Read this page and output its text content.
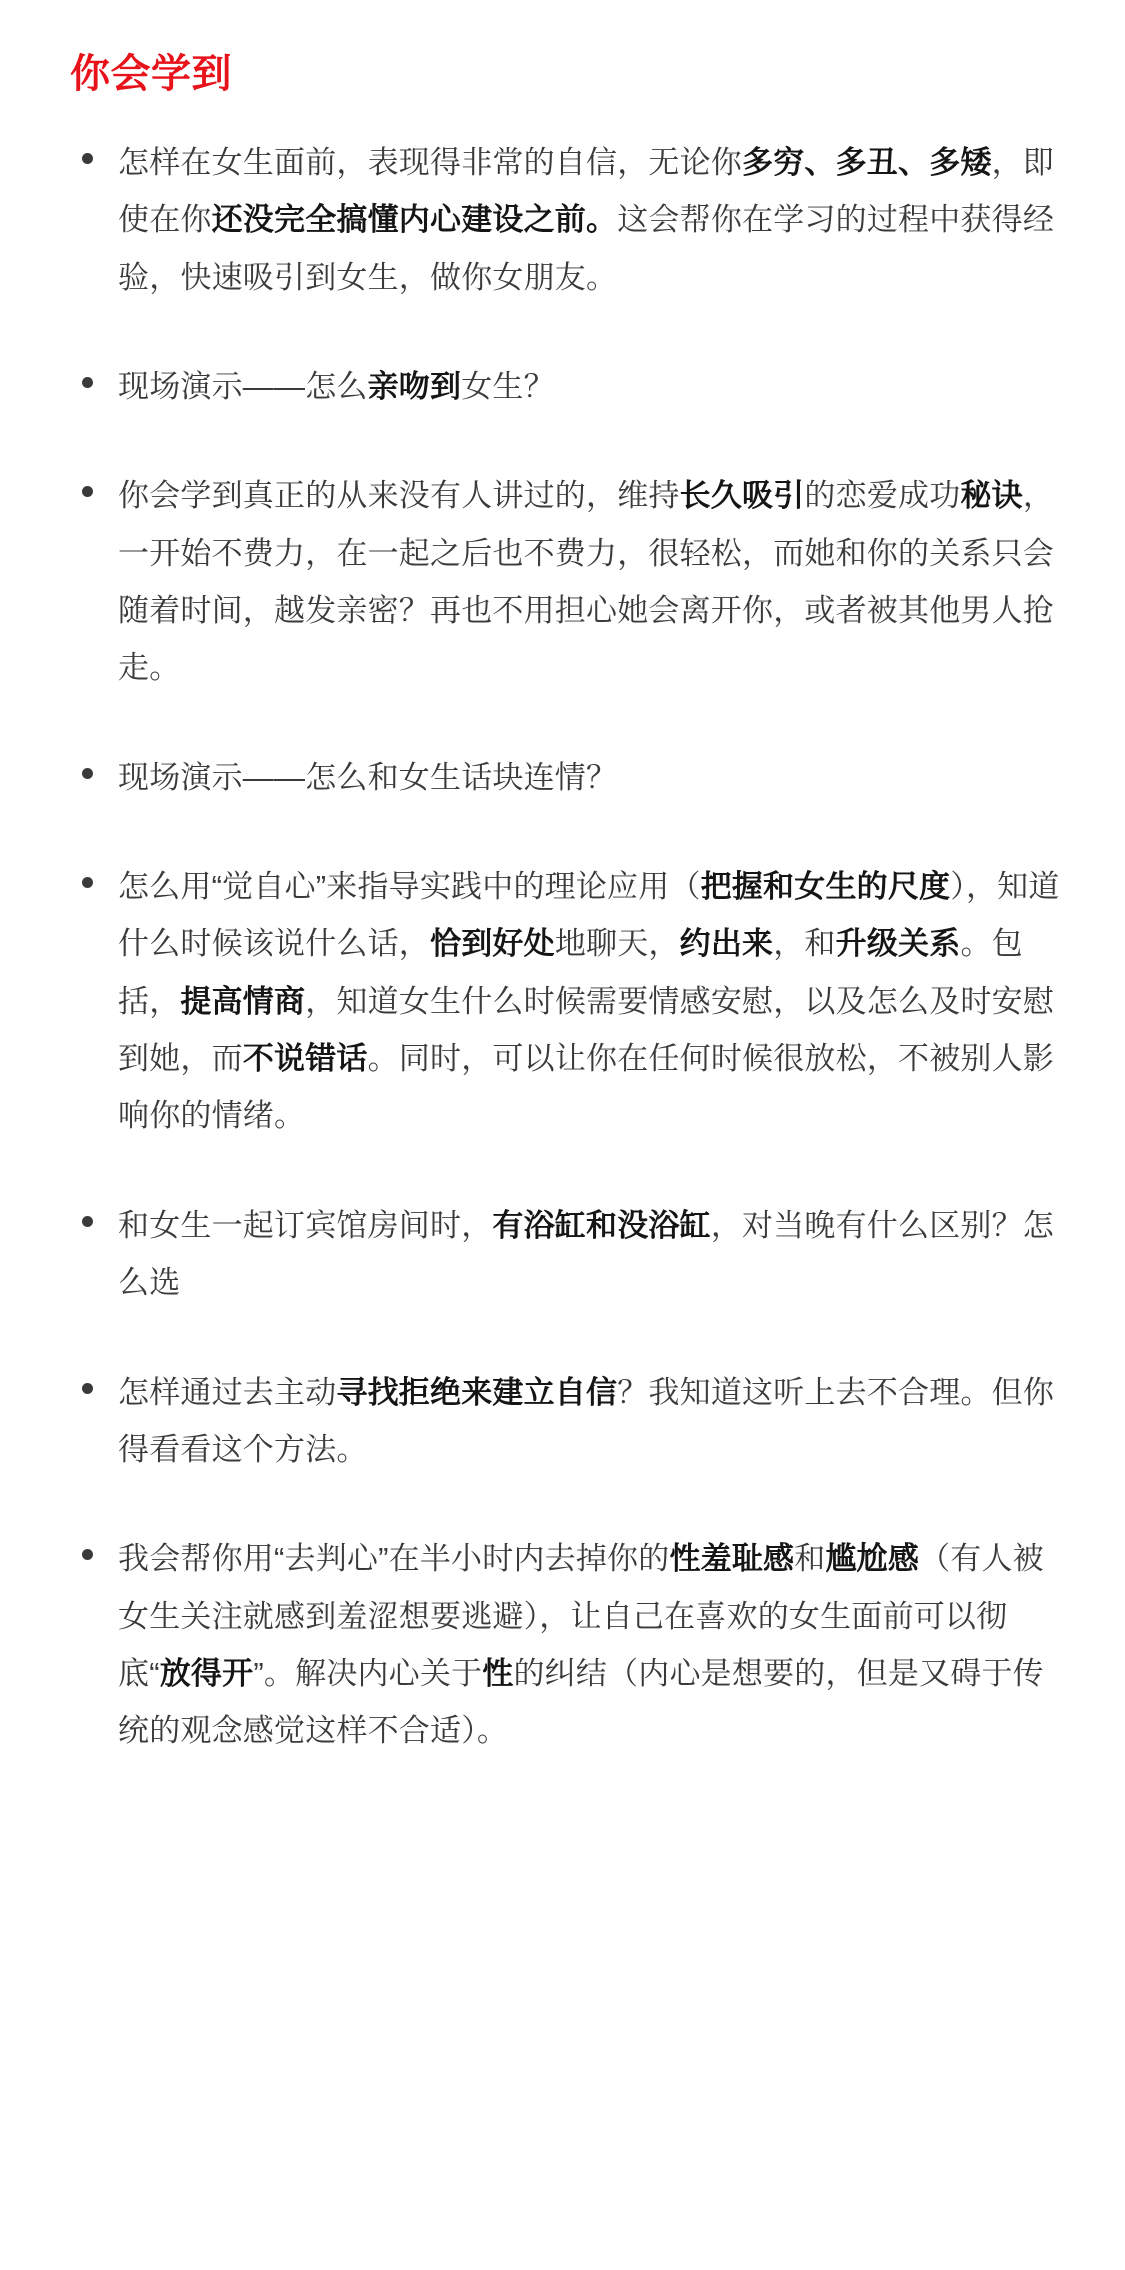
你会学到
怎样在女生面前，表现得非常的自信，无论你多穷、多丑、多矮，即使在你还没完全搞懂内心建设之前。这会帮你在学习的过程中获得经验，快速吸引到女生，做你女朋友。
现场演示——怎么亲吻到女生？
你会学到真正的从来没有人讲过的，维持长久吸引的恋爱成功秘诀，一开始不费力，在一起之后也不费力，很轻松，而她和你的关系只会随着时间，越发亲密？再也不用担心她会离开你，或者被其他男人抢走。
现场演示——怎么和女生话块连情？
怎么用“觉自心”来指导实践中的理论应用（把握和女生的尺度），知道什么时候该说什么话，恰到好处地聊天，约出来，和升级关系。包括，提高情商，知道女生什么时候需要情感安慰，以及怎么及时安慰到她，而不说错话。同时，可以让你在任何时候很放松，不被别人影响你的情绪。
和女生一起订宾馆房间时，有浴缸和没浴缸，对当晚有什么区别？怎么选
怎样通过去主动寻找拒绝来建立自信？我知道这听上去不合理。但你得看看这个方法。
我会帮你用“去判心”在半小时内去掉你的性羞耻感和尴尬感（有人被女生关注就感到羞涩想要逃避），让自己在喜欢的女生面前可以彻底“放得开”。解决内心关于性的纠结（内心是想要的，但是又碍于传统的观念感觉这样不合适）。
